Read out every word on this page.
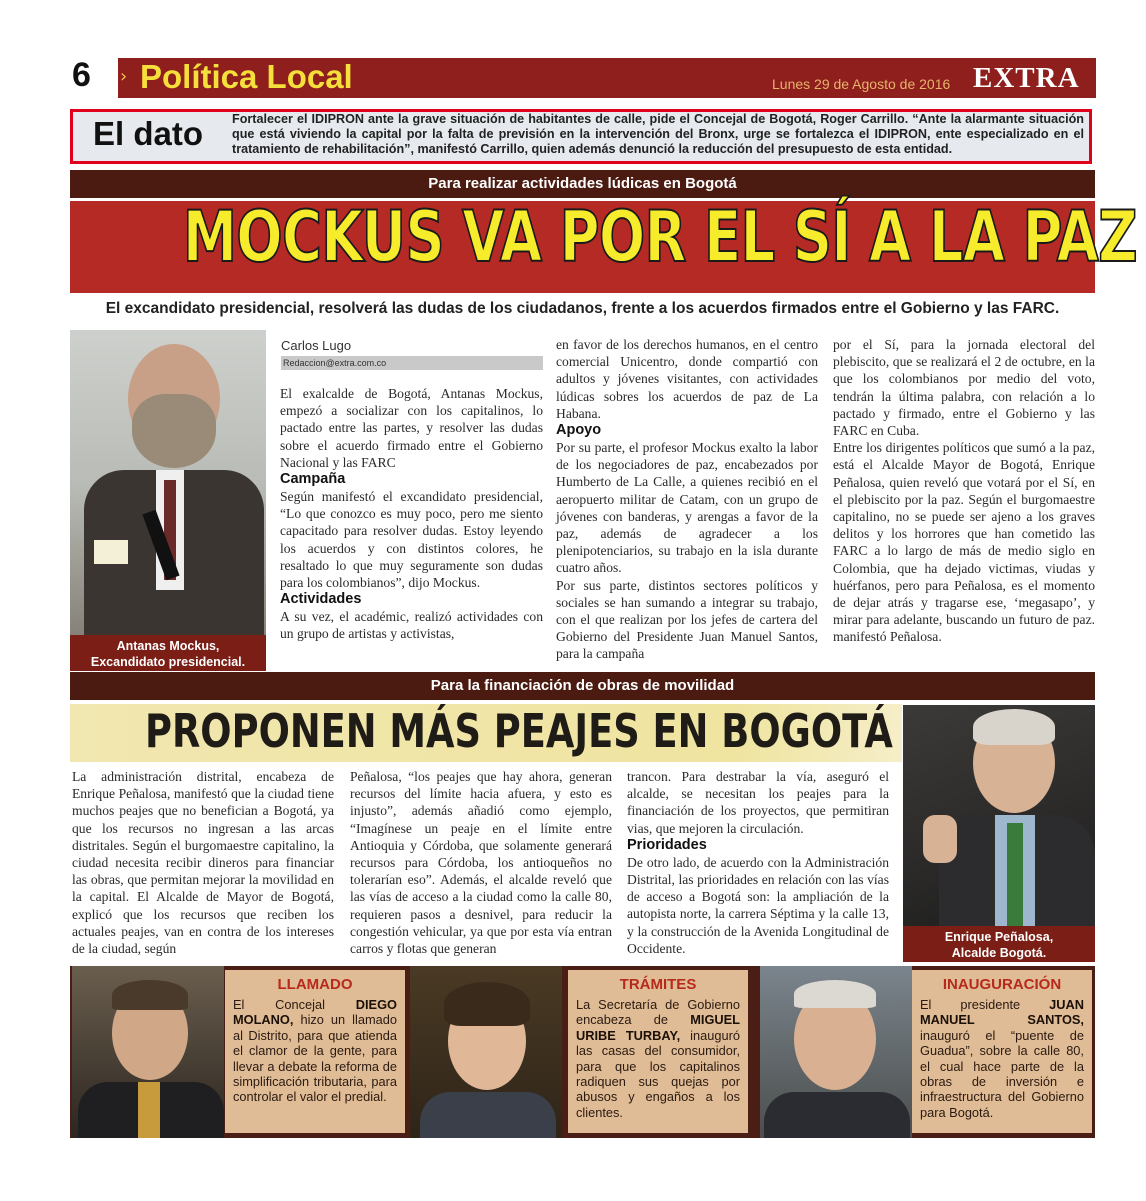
6 › Política Local	Lunes 29 de Agosto de 2016 EXTRA
El dato Fortalecer el IDIPRON ante la grave situación de habitantes de calle, pide el Concejal de Bogotá, Roger Carrillo. “Ante la alarmante situación que está viviendo la capital por la falta de previsión en la intervención del Bronx, urge se fortalezca el IDIPRON, ente especializado en el tratamiento de rehabilitación”, manifestó Carrillo, quien además denunció la reducción del presupuesto de esta entidad.
Para realizar actividades lúdicas en Bogotá
MOCKUS VA POR EL SÍ A LA PAZ
El excandidato presidencial, resolverá las dudas de los ciudadanos, frente a los acuerdos firmados entre el Gobierno y las FARC.
Antanas Mockus,
Excandidato presidencial.
Carlos Lugo
Redaccion@extra.com.co

El exalcalde de Bogotá, Antanas Mockus, empezó a socializar con los capitalinos, lo pactado entre las partes, y resolver las dudas sobre el acuerdo firmado entre el Gobierno Nacional y las FARC

Campaña

Según manifestó el excandidato presidencial, “Lo que conozco es muy poco, pero me siento capacitado para resolver dudas. Estoy leyendo los acuerdos y con distintos colores, he resaltado lo que muy seguramente son dudas para los colombianos”, dijo Mockus.

Actividades

A su vez, el académic, realizó actividades con un grupo de artistas y activistas,

en favor de los derechos humanos, en el centro comercial Unicentro, donde compartió con adultos y jóvenes visitantes, con actividades lúdicas sobres los acuerdos de paz de La Habana.

Apoyo

Por su parte, el profesor Mockus exalto la labor de los negociadores de paz, encabezados por Humberto de La Calle, a quienes recibió en el aeropuerto militar de Catam, con un grupo de jóvenes con banderas, y arengas a favor de la paz, además de agradecer a los plenipotenciarios, su trabajo en la isla durante cuatro años.

Por sus parte, distintos sectores políticos y sociales se han sumando a integrar su trabajo, con el que realizan por los jefes de cartera del Gobierno del Presidente Juan Manuel Santos, para la campaña

por el Sí, para la jornada electoral del plebiscito, que se realizará el 2 de octubre, en la que los colombianos por medio del voto, tendrán la última palabra, con relación a lo pactado y firmado, entre el Gobierno y las FARC en Cuba.

Entre los dirigentes políticos que sumó a la paz, está el Alcalde Mayor de Bogotá, Enrique Peñalosa, quien reveló que votará por el Sí, en el plebiscito por la paz. Según el burgomaestre capitalino, no se puede ser ajeno a los graves delitos y los horrores que han cometido las FARC a lo largo de más de medio siglo en Colombia, que ha dejado victimas, viudas y huérfanos, pero para Peñalosa, es el momento de dejar atrás y tragarse ese, ‘megasapo’, y mirar para adelante, buscando un futuro de paz. manifestó Peñalosa.

Para la financiación de obras de movilidad
PROPONEN MÁS PEAJES EN BOGOTÁ
Enrique Peñalosa,
Alcalde Bogotá.

La administración distrital, encabeza de Enrique Peñalosa, manifestó que la ciudad tiene muchos peajes que no benefician a Bogotá, ya que los recursos no ingresan a las arcas distritales. Según el burgomaestre capitalino, la ciudad necesita recibir dineros para financiar las obras, que permitan mejorar la movilidad en la capital. El Alcalde de Mayor de Bogotá, explicó que los recursos que reciben los actuales peajes, van en contra de los intereses de la ciudad, según

Peñalosa, “los peajes que hay ahora, generan recursos del límite hacia afuera, y esto es injusto”, además añadió como ejemplo, “Imagínese un peaje en el límite entre Antioquia y Córdoba, que solamente generará recursos para Córdoba, los antioqueños no tolerarían eso”. Además, el alcalde reveló que las vías de acceso a la ciudad como la calle 80, requieren pasos a desnivel, para reducir la congestión vehicular, ya que por esta vía entran carros y flotas que generan

trancon. Para destrabar la vía, aseguró el alcalde, se necesitan los peajes para la financiación de los proyectos, que permitiran vias, que mejoren la circulación.

Prioridades

De otro lado, de acuerdo con la Administración Distrital, las prioridades en relación con las vías de acceso a Bogotá son: la ampliación de la autopista norte, la carrera Séptima y la calle 13, y la construcción de la Avenida Longitudinal de Occidente.

LLAMADO

El Concejal DIEGO MOLANO, hizo un llamado al Distrito, para que atienda el clamor de la gente, para llevar a debate la reforma de simplificación tributaria, para controlar el valor el predial.

TRÁMITES

La Secretaría de Gobierno encabeza de MIGUEL URIBE TURBAY, inauguró las casas del consumidor, para que los capitalinos radiquen sus quejas por abusos y engaños a los clientes.

INAUGURACIÓN

El presidente JUAN MANUEL SANTOS, inauguró el “puente de Guadua”, sobre la calle 80, el cual hace parte de la obras de inversión e infraestructura del Gobierno para Bogotá.
